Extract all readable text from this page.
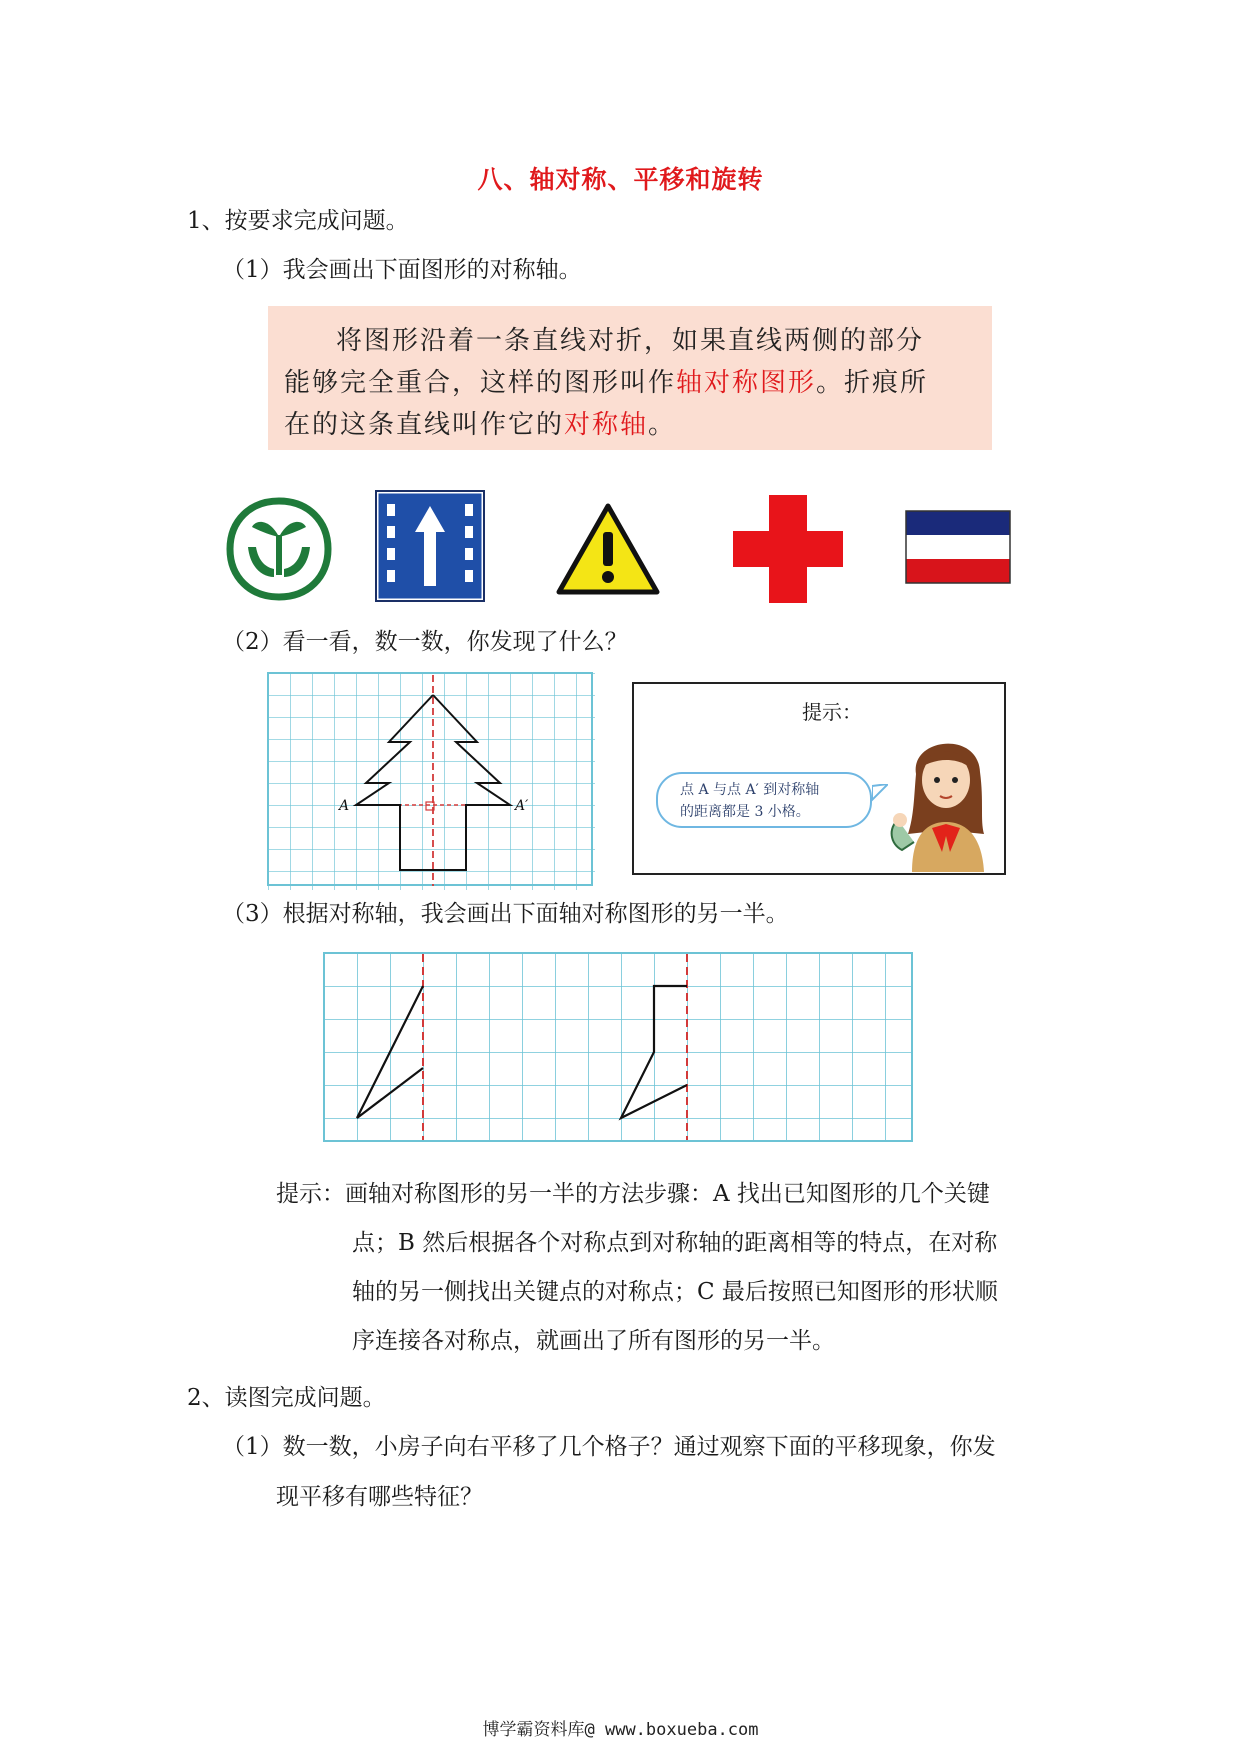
八、轴对称、平移和旋转
1、按要求完成问题。
（1）我会画出下面图形的对称轴。
将图形沿着一条直线对折，如果直线两侧的部分
能够完全重合，这样的图形叫作轴对称图形。折痕所
在的这条直线叫作它的对称轴。
（2）看一看，数一数，你发现了什么？
A	A′
提示：
点 A 与点 A′ 到对称轴
的距离都是 3 小格。
（3）根据对称轴，我会画出下面轴对称图形的另一半。
提示：画轴对称图形的另一半的方法步骤：A 找出已知图形的几个关键
点；B 然后根据各个对称点到对称轴的距离相等的特点，在对称
轴的另一侧找出关键点的对称点；C 最后按照已知图形的形状顺
序连接各对称点，就画出了所有图形的另一半。
2、读图完成问题。
（1）数一数，小房子向右平移了几个格子？通过观察下面的平移现象，你发
现平移有哪些特征？
博学霸资料库@ www.boxueba.com
